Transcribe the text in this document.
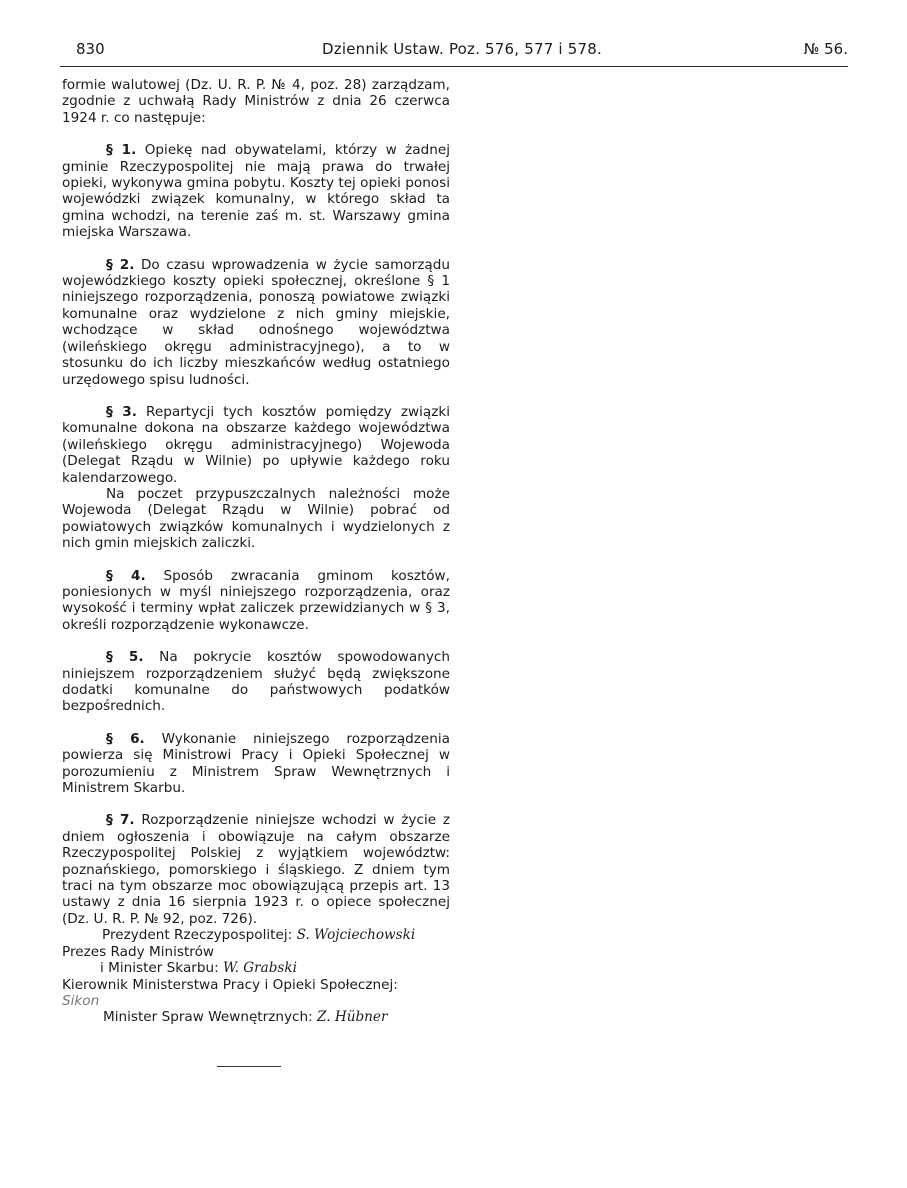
830	Dziennik Ustaw. Poz. 576, 577 i 578.	№ 56.

formie walutowej (Dz. U. R. P. № 4, poz. 28) zarządzam, zgodnie z uchwałą Rady Ministrów z dnia 26 czerwca 1924 r. co następuje:

§ 1. Opiekę nad obywatelami, którzy w żadnej gminie Rzeczypospolitej nie mają prawa do trwałej opieki, wykonywa gmina pobytu. Koszty tej opieki ponosi wojewódzki związek komunalny, w którego skład ta gmina wchodzi, na terenie zaś m. st. Warszawy gmina miejska Warszawa.

§ 2. Do czasu wprowadzenia w życie samorządu wojewódzkiego koszty opieki społecznej, określone § 1 niniejszego rozporządzenia, ponoszą powiatowe związki komunalne oraz wydzielone z nich gminy miejskie, wchodzące w skład odnośnego województwa (wileńskiego okręgu administracyjnego), a to w stosunku do ich liczby mieszkańców według ostatniego urzędowego spisu ludności.

§ 3. Repartycji tych kosztów pomiędzy związki komunalne dokona na obszarze każdego województwa (wileńskiego okręgu administracyjnego) Wojewoda (Delegat Rządu w Wilnie) po upływie każdego roku kalendarzowego.

Na poczet przypuszczalnych należności może Wojewoda (Delegat Rządu w Wilnie) pobrać od powiatowych związków komunalnych i wydzielonych z nich gmin miejskich zaliczki.

§ 4. Sposób zwracania gminom kosztów, poniesionych w myśl niniejszego rozporządzenia, oraz wysokość i terminy wpłat zaliczek przewidzianych w § 3, określi rozporządzenie wykonawcze.

§ 5. Na pokrycie kosztów spowodowanych niniejszem rozporządzeniem służyć będą zwiększone dodatki komunalne do państwowych podatków bezpośrednich.

§ 6. Wykonanie niniejszego rozporządzenia powierza się Ministrowi Pracy i Opieki Społecznej w porozumieniu z Ministrem Spraw Wewnętrznych i Ministrem Skarbu.

§ 7. Rozporządzenie niniejsze wchodzi w życie z dniem ogłoszenia i obowiązuje na całym obszarze Rzeczypospolitej Polskiej z wyjątkiem województw: poznańskiego, pomorskiego i śląskiego. Z dniem tym traci na tym obszarze moc obowiązującą przepis art. 13 ustawy z dnia 16 sierpnia 1923 r. o opiece społecznej (Dz. U. R. P. № 92, poz. 726).

Prezydent Rzeczypospolitej: S. Wojciechowski

Prezes Rady Ministrów

i Minister Skarbu: W. Grabski

Kierownik Ministerstwa Pracy i Opieki Społecznej:

Sikon

Minister Spraw Wewnętrznych: Z. Hübner
